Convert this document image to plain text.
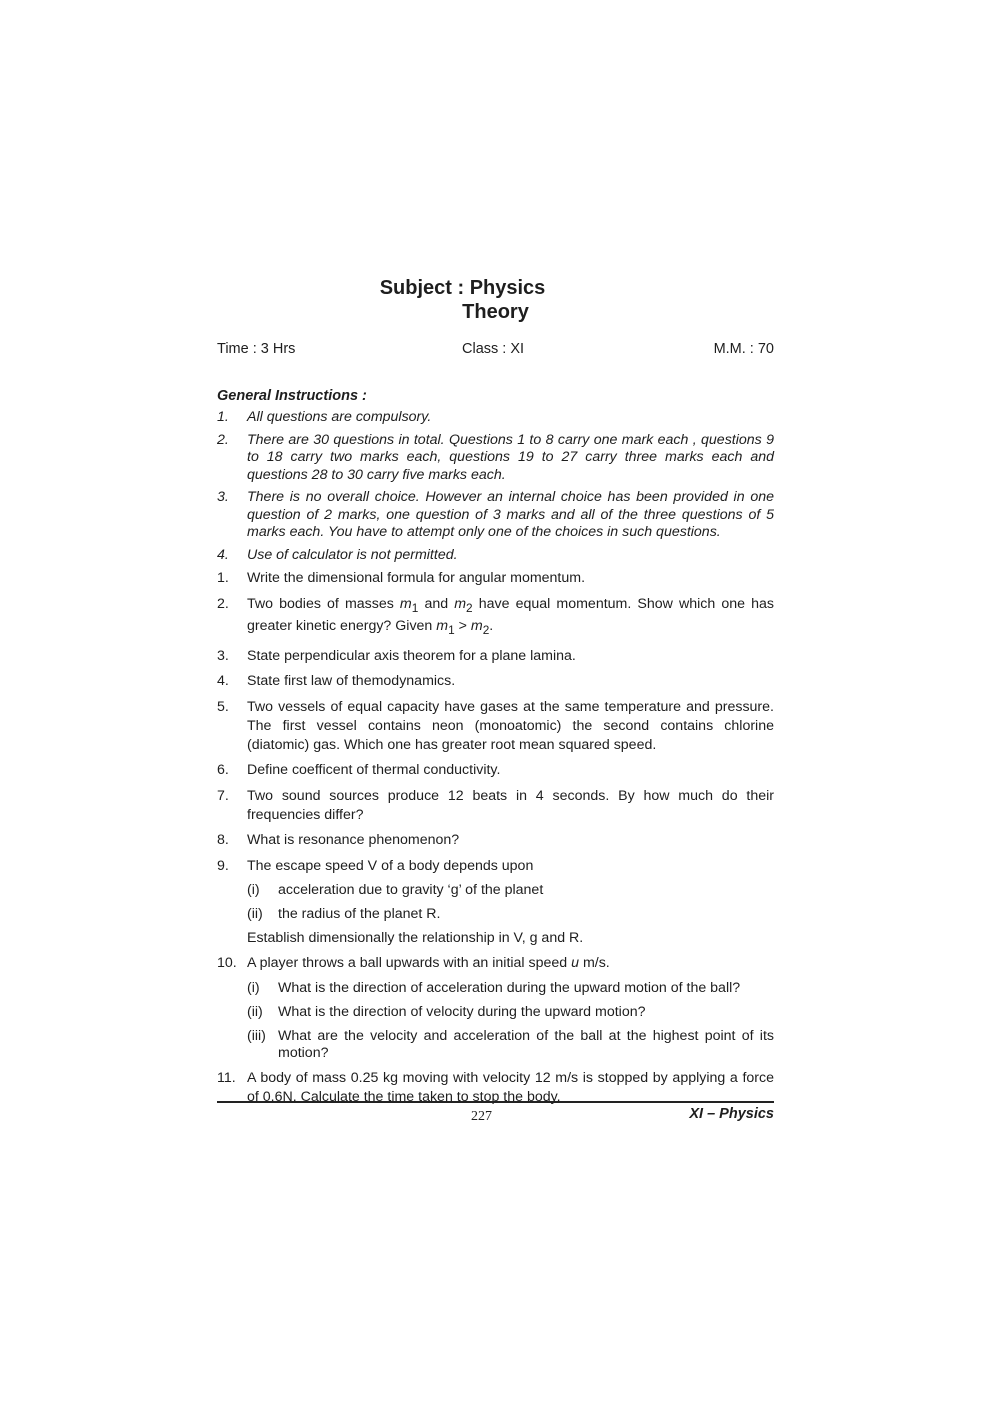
Subject : Physics
Theory
Time : 3 Hrs	Class : XI	M.M. : 70
General Instructions :
1.	All questions are compulsory.
2.	There are 30 questions in total. Questions 1 to 8 carry one mark each , questions 9 to 18 carry two marks each, questions 19 to 27 carry three marks each and questions 28 to 30 carry five marks each.
3.	There is no overall choice. However an internal choice has been provided in one question of 2 marks, one question of 3 marks and all of the three questions of 5 marks each. You have to attempt only one of the choices in such questions.
4.	Use of calculator is not permitted.
1.	Write the dimensional formula for angular momentum.
2.	Two bodies of masses $m_1$ and $m_2$ have equal momentum. Show which one has greater kinetic energy? Given $m_1 > m_2$.
3.	State perpendicular axis theorem for a plane lamina.
4.	State first law of themodynamics.
5.	Two vessels of equal capacity have gases at the same temperature and pressure. The first vessel contains neon (monoatomic) the second contains chlorine (diatomic) gas. Which one has greater root mean squared speed.
6.	Define coefficent of thermal conductivity.
7.	Two sound sources produce 12 beats in 4 seconds. By how much do their frequencies differ?
8.	What is resonance phenomenon?
9.	The escape speed V of a body depends upon
(i)	acceleration due to gravity ‘g’ of the planet
(ii)	the radius of the planet R.
Establish dimensionally the relationship in V, g and R.
10. A player throws a ball upwards with an initial speed u m/s.
(i)	What is the direction of acceleration during the upward motion of the ball?
(ii)	What is the direction of velocity during the upward motion?
(iii) What are the velocity and acceleration of the ball at the highest point of its motion?
11. A body of mass 0.25 kg moving with velocity 12 m/s is stopped by applying a force of 0.6N. Calculate the time taken to stop the body.
227	XI – Physics
